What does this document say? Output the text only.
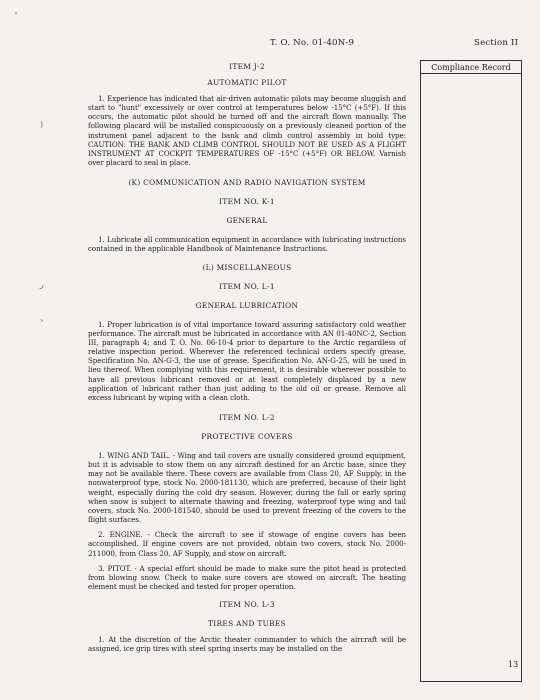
T. O. No. 01-40N-9	Section II
Compliance Record

ITEM J-2

AUTOMATIC PILOT

1. Experience has indicated that air-driven automatic pilots may become sluggish and start to "hunt" excessively or over control at temperatures below -15°C (+5°F). If this occurs, the automatic pilot should be turned off and the aircraft flown manually. The following placard will be installed conspicuously on a previously cleaned portion of the instrument panel adjacent to the bank and climb control assembly in bold type: CAUTION: THE BANK AND CLIMB CONTROL SHOULD NOT BE USED AS A FLIGHT INSTRUMENT AT COCKPIT TEMPERATURES OF -15°C (+5°F) OR BELOW. Varnish over placard to seal in place.

(K) COMMUNICATION AND RADIO NAVIGATION SYSTEM

ITEM NO. K-1

GENERAL

1. Lubricate all communication equipment in accordance with lubricating instructions contained in the applicable Handbook of Maintenance Instructions.

(L) MISCELLANEOUS

ITEM NO. L-1

GENERAL LUBRICATION

1. Proper lubrication is of vital importance toward assuring satisfactory cold weather performance. The aircraft must be lubricated in accordance with AN 01-40NC-2, Section III, paragraph 4; and T. O. No. 06-10-4 prior to departure to the Arctic regardless of relative inspection period. Wherever the referenced technical orders specify grease, Specification No. AN-G-3, the use of grease, Specification No. AN-G-25, will be used in lieu thereof. When complying with this requirement, it is desirable wherever possible to have all previous lubricant removed or at least completely displaced by a new application of lubricant rather than just adding to the old oil or grease. Remove all excess lubricant by wiping with a clean cloth.

ITEM NO. L-2

PROTECTIVE COVERS

1. WING AND TAIL. - Wing and tail covers are usually considered ground equipment, but it is advisable to stow them on any aircraft destined for an Arctic base, since they may not be available there. These covers are available from Class 20, AF Supply, in the nonwaterproof type, stock No. 2000-181130, which are preferred, because of their light weight, especially during the cold dry season. However, during the fall or early spring when snow is subject to alternate thawing and freezing, waterproof type wing and tail covers, stock No. 2000-181540, should be used to prevent freezing of the covers to the flight surfaces.

2. ENGINE. - Check the aircraft to see if stowage of engine covers has been accomplished. If engine covers are not provided, obtain two covers, stock No. 2000-211000, from Class 20, AF Supply, and stow on aircraft.

3. PITOT. - A special effort should be made to make sure the pitot head is protected from blowing snow. Check to make sure covers are stowed on aircraft. The heating element must be checked and tested for proper operation.

ITEM NO. L-3

TIRES AND TUBES

1. At the discretion of the Arctic theater commander to which the aircraft will be assigned, ice grip tires with steel spring inserts may be installed on the

ˇ
)
ر
›
13
